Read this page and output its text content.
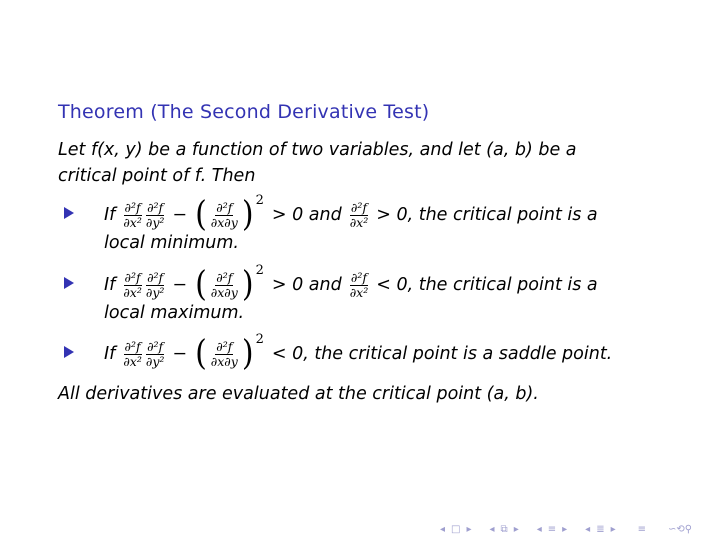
Theorem (The Second Derivative Test)
Let f(x, y) be a function of two variables, and let (a, b) be a
critical point of f. Then
If $\frac{\text{∂²f}}{\text{∂x²}} \frac{\text{∂²f}}{\text{∂y²}}$ − ( $\frac{\text{∂²f}}{\partial x\partial y}$ ) 2
> 0 and $\frac{\text{∂²f}}{\text{∂x²}} > 0$, the critical point is a
local minimum.
If $\frac{\text{∂²f}}{\text{∂x²}} \frac{\text{∂²f}}{\text{∂y²}}$ − ( $\frac{\text{∂²f}}{\partial x\partial y}$ ) 2
> 0 and $\frac{\text{∂²f}}{\text{∂x²}} < 0$, the critical point is a
local maximum.
If $\frac{\text{∂²f}}{\text{∂x²}} \frac{\text{∂²f}}{\text{∂y²}}$ − ( $\frac{\text{∂²f}}{\partial x\partial y}$ ) 2
< 0, the critical point is a saddle point.
All derivatives are evaluated at the critical point (a, b).
◂ □ ▸ ◂ ⧉ ▸ ◂ ≡ ▸ ◂ ≣ ▸ ≡ ∽⟲⚲
